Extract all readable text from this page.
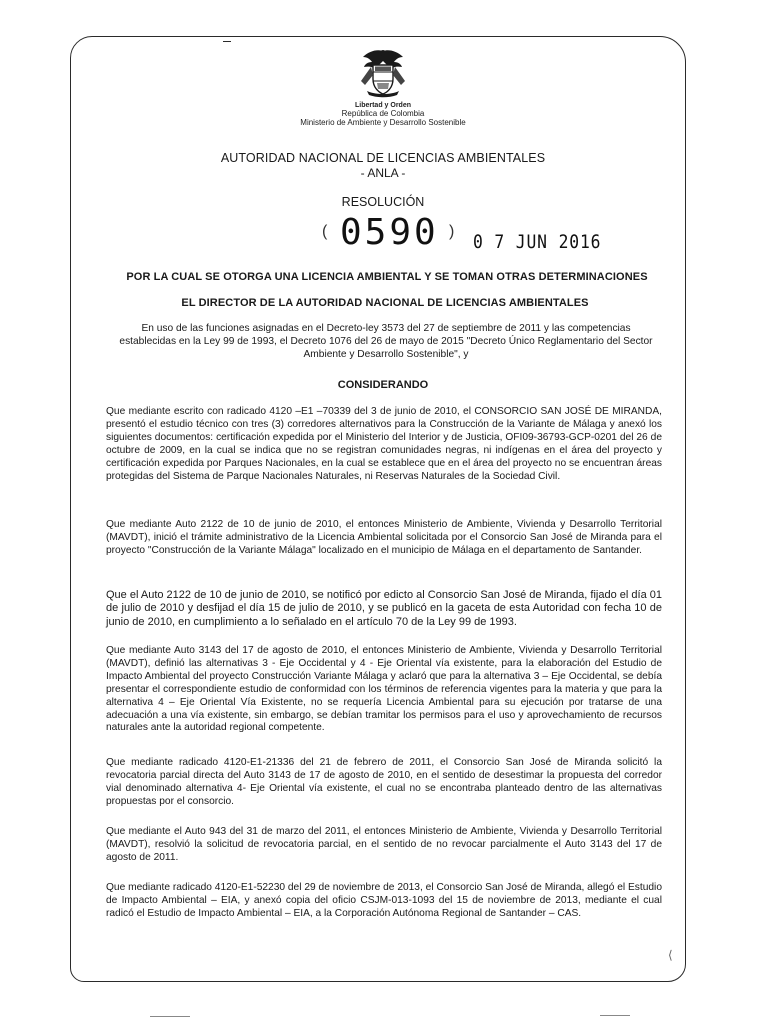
Libertad y Orden
República de Colombia
Ministerio de Ambiente y Desarrollo Sostenible
AUTORIDAD NACIONAL DE LICENCIAS AMBIENTALES
- ANLA -
RESOLUCIÓN
( 0590 ) 0 7 JUN 2016
POR LA CUAL SE OTORGA UNA LICENCIA AMBIENTAL Y SE TOMAN OTRAS DETERMINACIONES
EL DIRECTOR DE LA AUTORIDAD NACIONAL DE LICENCIAS AMBIENTALES
En uso de las funciones asignadas en el Decreto-ley 3573 del 27 de septiembre de 2011 y las competencias establecidas en la Ley 99 de 1993, el Decreto 1076 del 26 de mayo de 2015 "Decreto Único Reglamentario del Sector Ambiente y Desarrollo Sostenible", y
CONSIDERANDO
Que mediante escrito con radicado 4120 –E1 –70339 del 3 de junio de 2010, el CONSORCIO SAN JOSÉ DE MIRANDA, presentó el estudio técnico con tres (3) corredores alternativos para la Construcción de la Variante de Málaga y anexó los siguientes documentos: certificación expedida por el Ministerio del Interior y de Justicia, OFI09-36793-GCP-0201 del 26 de octubre de 2009, en la cual se indica que no se registran comunidades negras, ni indígenas en el área del proyecto y certificación expedida por Parques Nacionales, en la cual se establece que en el área del proyecto no se encuentran áreas protegidas del Sistema de Parque Nacionales Naturales, ni Reservas Naturales de la Sociedad Civil.
Que mediante Auto 2122 de 10 de junio de 2010, el entonces Ministerio de Ambiente, Vivienda y Desarrollo Territorial (MAVDT), inició el trámite administrativo de la Licencia Ambiental solicitada por el Consorcio San José de Miranda para el proyecto "Construcción de la Variante Málaga" localizado en el municipio de Málaga en el departamento de Santander.
Que el Auto 2122 de 10 de junio de 2010, se notificó por edicto al Consorcio San José de Miranda, fijado el día 01 de julio de 2010 y desfijad el día 15 de julio de 2010, y se publicó en la gaceta de esta Autoridad con fecha 10 de junio de 2010, en cumplimiento a lo señalado en el artículo 70 de la Ley 99 de 1993.
Que mediante Auto 3143 del 17 de agosto de 2010, el entonces Ministerio de Ambiente, Vivienda y Desarrollo Territorial (MAVDT), definió las alternativas 3 - Eje Occidental y 4 - Eje Oriental vía existente, para la elaboración del Estudio de Impacto Ambiental del proyecto Construcción Variante Málaga y aclaró que para la alternativa 3 – Eje Occidental, se debía presentar el correspondiente estudio de conformidad con los términos de referencia vigentes para la materia y que para la alternativa 4 – Eje Oriental Vía Existente, no se requería Licencia Ambiental para su ejecución por tratarse de una adecuación a una vía existente, sin embargo, se debían tramitar los permisos para el uso y aprovechamiento de recursos naturales ante la autoridad regional competente.
Que mediante radicado 4120-E1-21336 del 21 de febrero de 2011, el Consorcio San José de Miranda solicitó la revocatoria parcial directa del Auto 3143 de 17 de agosto de 2010, en el sentido de desestimar la propuesta del corredor vial denominado alternativa 4- Eje Oriental vía existente, el cual no se encontraba planteado dentro de las alternativas propuestas por el consorcio.
Que mediante el Auto 943 del 31 de marzo del 2011, el entonces Ministerio de Ambiente, Vivienda y Desarrollo Territorial (MAVDT), resolvió la solicitud de revocatoria parcial, en el sentido de no revocar parcialmente el Auto 3143 del 17 de agosto de 2011.
Que mediante radicado 4120-E1-52230 del 29 de noviembre de 2013, el Consorcio San José de Miranda, allegó el Estudio de Impacto Ambiental – EIA, y anexó copia del oficio CSJM-013-1093 del 15 de noviembre de 2013, mediante el cual radicó el Estudio de Impacto Ambiental – EIA, a la Corporación Autónoma Regional de Santander – CAS.
⟨
